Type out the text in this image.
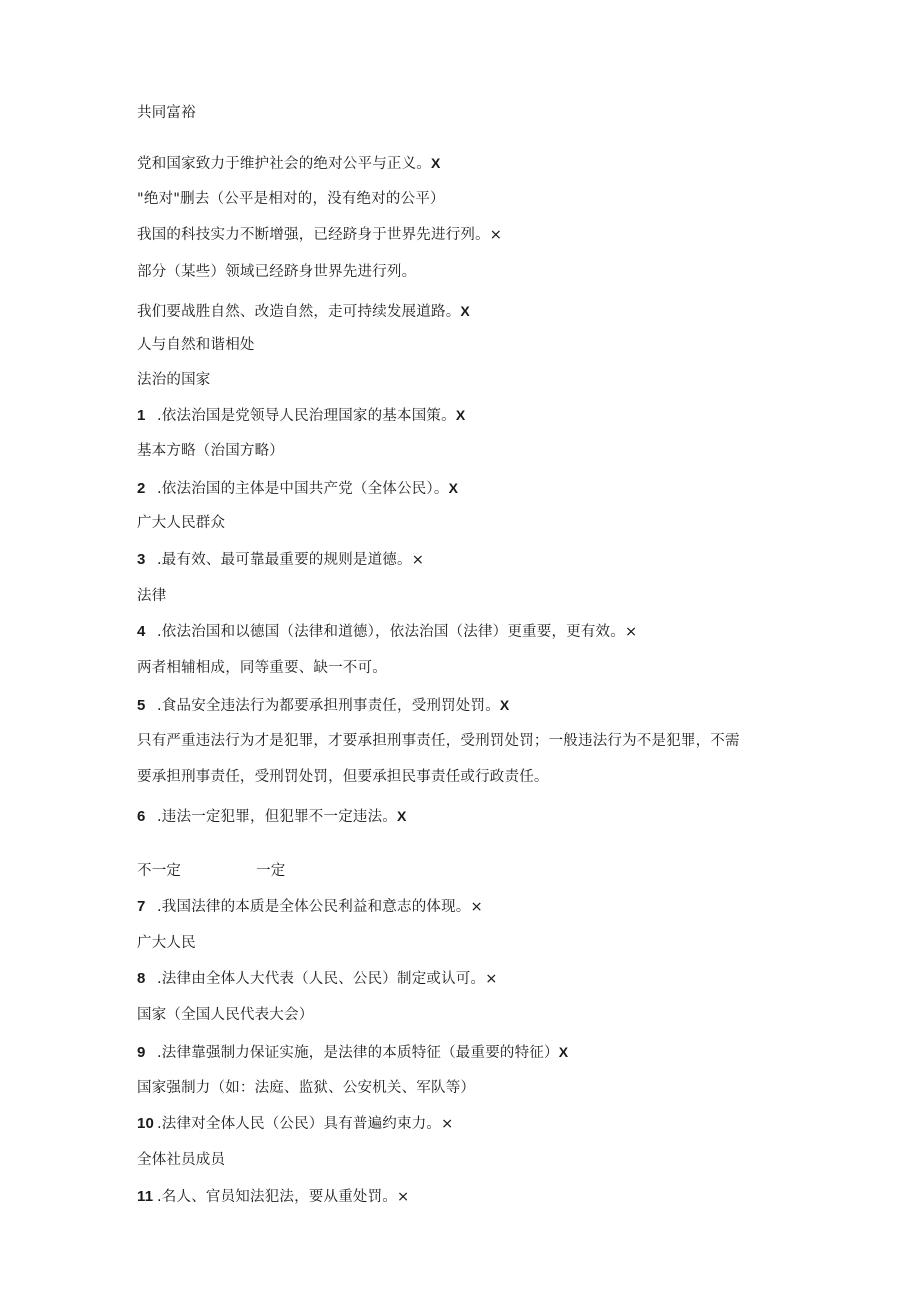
共同富裕
党和国家致力于维护社会的绝对公平与正义。X
"绝对"删去（公平是相对的，没有绝对的公平）
我国的科技实力不断增强，已经跻身于世界先进行列。×
部分（某些）领域已经跻身世界先进行列。
我们要战胜自然、改造自然，走可持续发展道路。X
人与自然和谐相处
法治的国家
1 .依法治国是党领导人民治理国家的基本国策。X
基本方略（治国方略）
2 .依法治国的主体是中国共产党（全体公民）。X
广大人民群众
3 .最有效、最可靠最重要的规则是道德。×
法律
4 .依法治国和以德国（法律和道德），依法治国（法律）更重要，更有效。×
两者相辅相成，同等重要、缺一不可。
5 .食品安全违法行为都要承担刑事责任，受刑罚处罚。X
只有严重违法行为才是犯罪，才要承担刑事责任，受刑罚处罚；一般违法行为不是犯罪，不需
要承担刑事责任，受刑罚处罚，但要承担民事责任或行政责任。
6 .违法一定犯罪，但犯罪不一定违法。X
不一定	一定
7 .我国法律的本质是全体公民利益和意志的体现。×
广大人民
8 .法律由全体人大代表（人民、公民）制定或认可。×
国家（全国人民代表大会）
9 .法律靠强制力保证实施，是法律的本质特征（最重要的特征）X
国家强制力（如：法庭、监狱、公安机关、军队等）
10 .法律对全体人民（公民）具有普遍约束力。×
全体社员成员
11 .名人、官员知法犯法，要从重处罚。×
